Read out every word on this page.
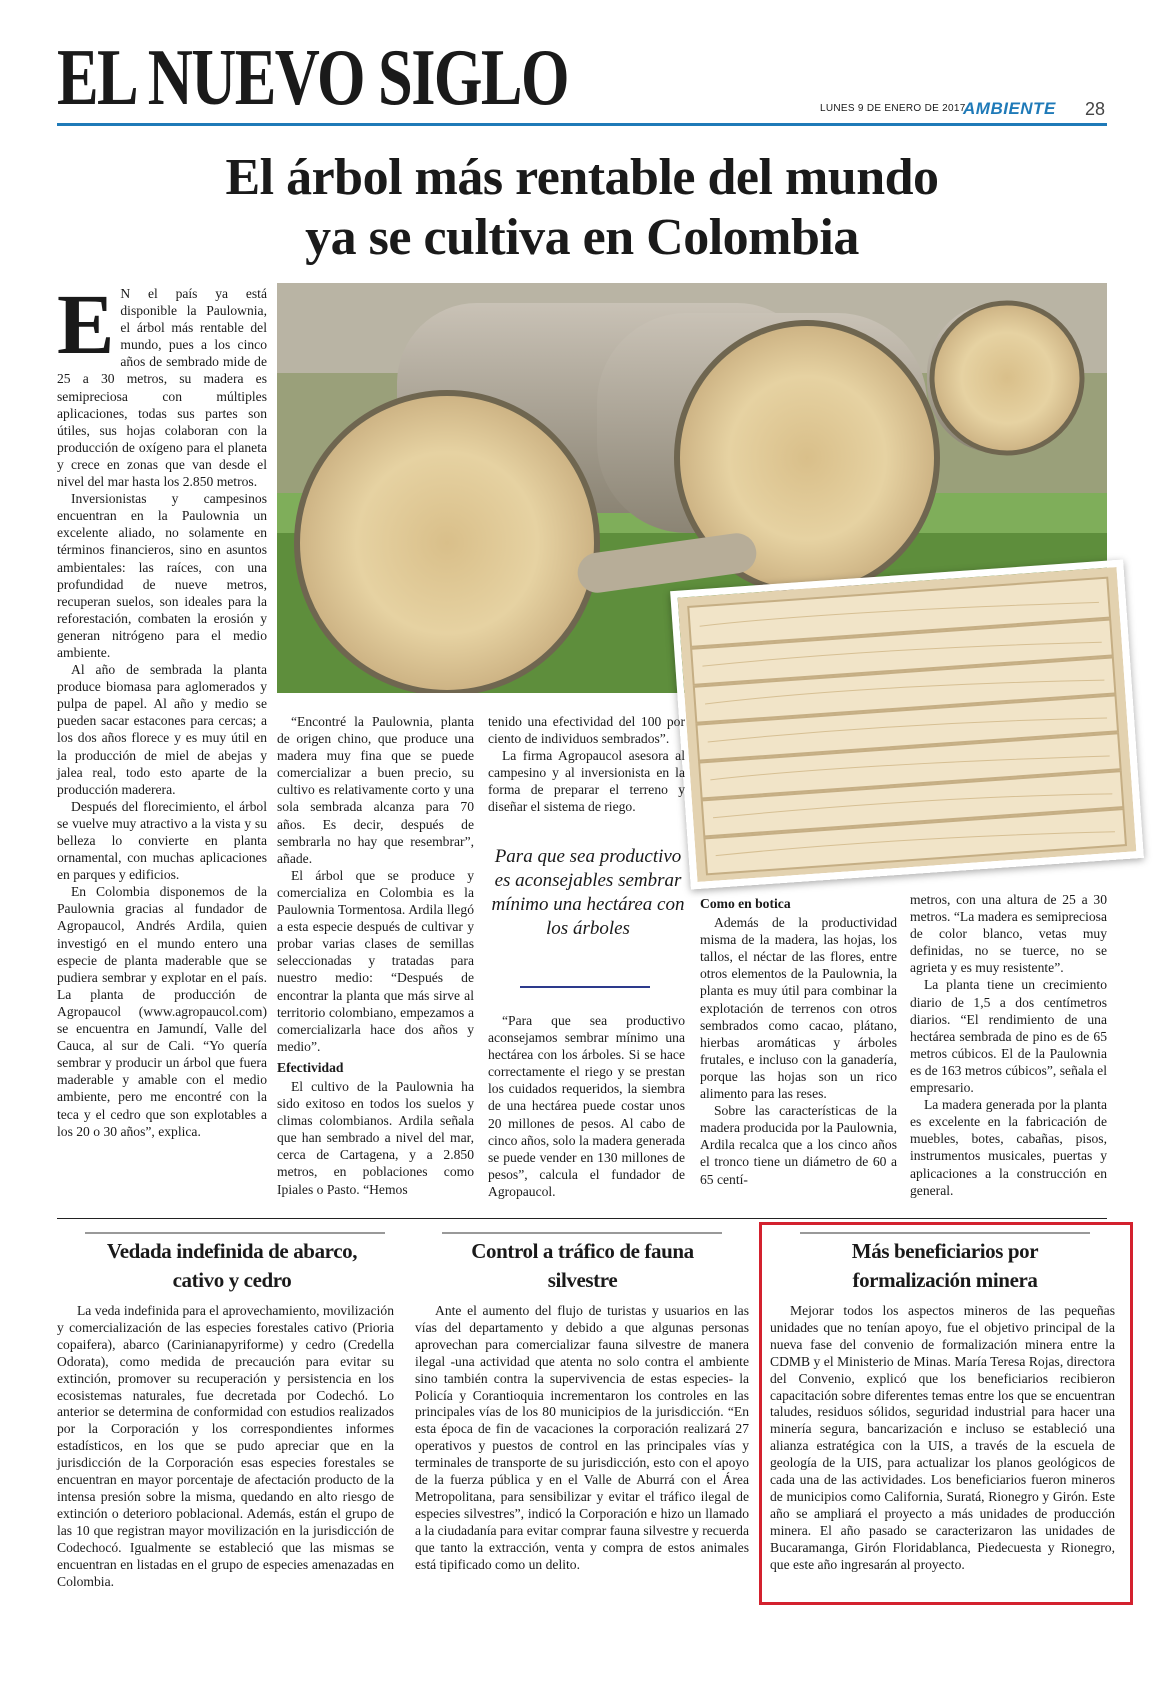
EL NUEVO SIGLO	LUNES 9 DE ENERO DE 2017
AMBIENTE 28
El árbol más rentable del mundo
ya se cultiva en Colombia
E N el país ya está disponible la Paulownia, el árbol más rentable del mundo, pues a los cinco años de sembrado mide de 25 a 30 metros, su madera es semipreciosa con múltiples aplicaciones, todas sus partes son útiles, sus hojas colaboran con la producción de oxígeno para el planeta y crece en zonas que van desde el nivel del mar hasta los 2.850 metros.

Inversionistas y campesinos encuentran en la Paulownia un excelente aliado, no solamente en términos financieros, sino en asuntos ambientales: las raíces, con una profundidad de nueve metros, recuperan suelos, son ideales para la reforestación, combaten la erosión y generan nitrógeno para el medio ambiente.

Al año de sembrada la planta produce biomasa para aglomerados y pulpa de papel. Al año y medio se pueden sacar estacones para cercas; a los dos años florece y es muy útil en la producción de miel de abejas y jalea real, todo esto aparte de la producción maderera.

Después del florecimiento, el árbol se vuelve muy atractivo a la vista y su belleza lo convierte en planta ornamental, con muchas aplicaciones en parques y edificios.

En Colombia disponemos de la Paulownia gracias al fundador de Agropaucol, Andrés Ardila, quien investigó en el mundo entero una especie de planta maderable que se pudiera sembrar y explotar en el país. La planta de producción de Agropaucol (www.agropaucol.com) se encuentra en Jamundí, Valle del Cauca, al sur de Cali. “Yo quería sembrar y producir un árbol que fuera maderable y amable con el medio ambiente, pero me encontré con la teca y el cedro que son explotables a los 20 o 30 años”, explica.

“Encontré la Paulownia, planta de origen chino, que produce una madera muy fina que se puede comercializar a buen precio, su cultivo es relativamente corto y una sola sembrada alcanza para 70 años. Es decir, después de sembrarla no hay que resembrar”, añade.

El árbol que se produce y comercializa en Colombia es la Paulownia Tormentosa. Ardila llegó a esta especie después de cultivar y probar varias clases de semillas seleccionadas y tratadas para nuestro medio: “Después de encontrar la planta que más sirve al territorio colombiano, empezamos a comercializarla hace dos años y medio”.

Efectividad

El cultivo de la Paulownia ha sido exitoso en todos los suelos y climas colombianos. Ardila señala que han sembrado a nivel del mar, cerca de Cartagena, y a 2.850 metros, en poblaciones como Ipiales o Pasto. “Hemos

tenido una efectividad del 100 por ciento de individuos sembrados”.

La firma Agropaucol asesora al campesino y al inversionista en la forma de preparar el terreno y diseñar el sistema de riego.

Para que sea productivo es aconsejables sembrar mínimo una hectárea con los árboles

“Para que sea productivo aconsejamos sembrar mínimo una hectárea con los árboles. Si se hace correctamente el riego y se prestan los cuidados requeridos, la siembra de una hectárea puede costar unos 20 millones de pesos. Al cabo de cinco años, solo la madera generada se puede vender en 130 millones de pesos”, calcula el fundador de Agropaucol.

Como en botica

Además de la productividad misma de la madera, las hojas, los tallos, el néctar de las flores, entre otros elementos de la Paulownia, la planta es muy útil para combinar la explotación de terrenos con otros sembrados como cacao, plátano, hierbas aromáticas y árboles frutales, e incluso con la ganadería, porque las hojas son un rico alimento para las reses.

Sobre las características de la madera producida por la Paulownia, Ardila recalca que a los cinco años el tronco tiene un diámetro de 60 a 65 centí-

metros, con una altura de 25 a 30 metros. “La madera es semipreciosa de color blanco, vetas muy definidas, no se tuerce, no se agrieta y es muy resistente”.

La planta tiene un crecimiento diario de 1,5 a dos centímetros diarios. “El rendimiento de una hectárea sembrada de pino es de 65 metros cúbicos. El de la Paulownia es de 163 metros cúbicos”, señala el empresario.

La madera generada por la planta es excelente en la fabricación de muebles, botes, cabañas, pisos, instrumentos musicales, puertas y aplicaciones a la construcción en general.

Vedada indefinida de abarco,
cativo y cedro

La veda indefinida para el aprovechamiento, movilización y comercialización de las especies forestales cativo (Prioria copaifera), abarco (Carinianapyriforme) y cedro (Credella Odorata), como medida de precaución para evitar su extinción, promover su recuperación y persistencia en los ecosistemas naturales, fue decretada por Codechó. Lo anterior se determina de conformidad con estudios realizados por la Corporación y los correspondientes informes estadísticos, en los que se pudo apreciar que en la jurisdicción de la Corporación esas especies forestales se encuentran en mayor porcentaje de afectación producto de la intensa presión sobre la misma, quedando en alto riesgo de extinción o deterioro poblacional. Además, están el grupo de las 10 que registran mayor movilización en la jurisdicción de Codechocó. Igualmente se estableció que las mismas se encuentran en listadas en el grupo de especies amenazadas en Colombia.

Control a tráfico de fauna
silvestre

Ante el aumento del flujo de turistas y usuarios en las vías del departamento y debido a que algunas personas aprovechan para comercializar fauna silvestre de manera ilegal -una actividad que atenta no solo contra el ambiente sino también contra la supervivencia de estas especies- la Policía y Corantioquia incrementaron los controles en las principales vías de los 80 municipios de la jurisdicción. “En esta época de fin de vacaciones la corporación realizará 27 operativos y puestos de control en las principales vías y terminales de transporte de su jurisdicción, esto con el apoyo de la fuerza pública y en el Valle de Aburrá con el Área Metropolitana, para sensibilizar y evitar el tráfico ilegal de especies silvestres”, indicó la Corporación e hizo un llamado a la ciudadanía para evitar comprar fauna silvestre y recuerda que tanto la extracción, venta y compra de estos animales está tipificado como un delito.

Más beneficiarios por
formalización minera

Mejorar todos los aspectos mineros de las pequeñas unidades que no tenían apoyo, fue el objetivo principal de la nueva fase del convenio de formalización minera entre la CDMB y el Ministerio de Minas. María Teresa Rojas, directora del Convenio, explicó que los beneficiarios recibieron capacitación sobre diferentes temas entre los que se encuentran taludes, residuos sólidos, seguridad industrial para hacer una minería segura, bancarización e incluso se estableció una alianza estratégica con la UIS, a través de la escuela de geología de la UIS, para actualizar los planos geológicos de cada una de las actividades. Los beneficiarios fueron mineros de municipios como California, Suratá, Rionegro y Girón. Este año se ampliará el proyecto a más unidades de producción minera. El año pasado se caracterizaron las unidades de Bucaramanga, Girón Floridablanca, Piedecuesta y Rionegro, que este año ingresarán al proyecto.
